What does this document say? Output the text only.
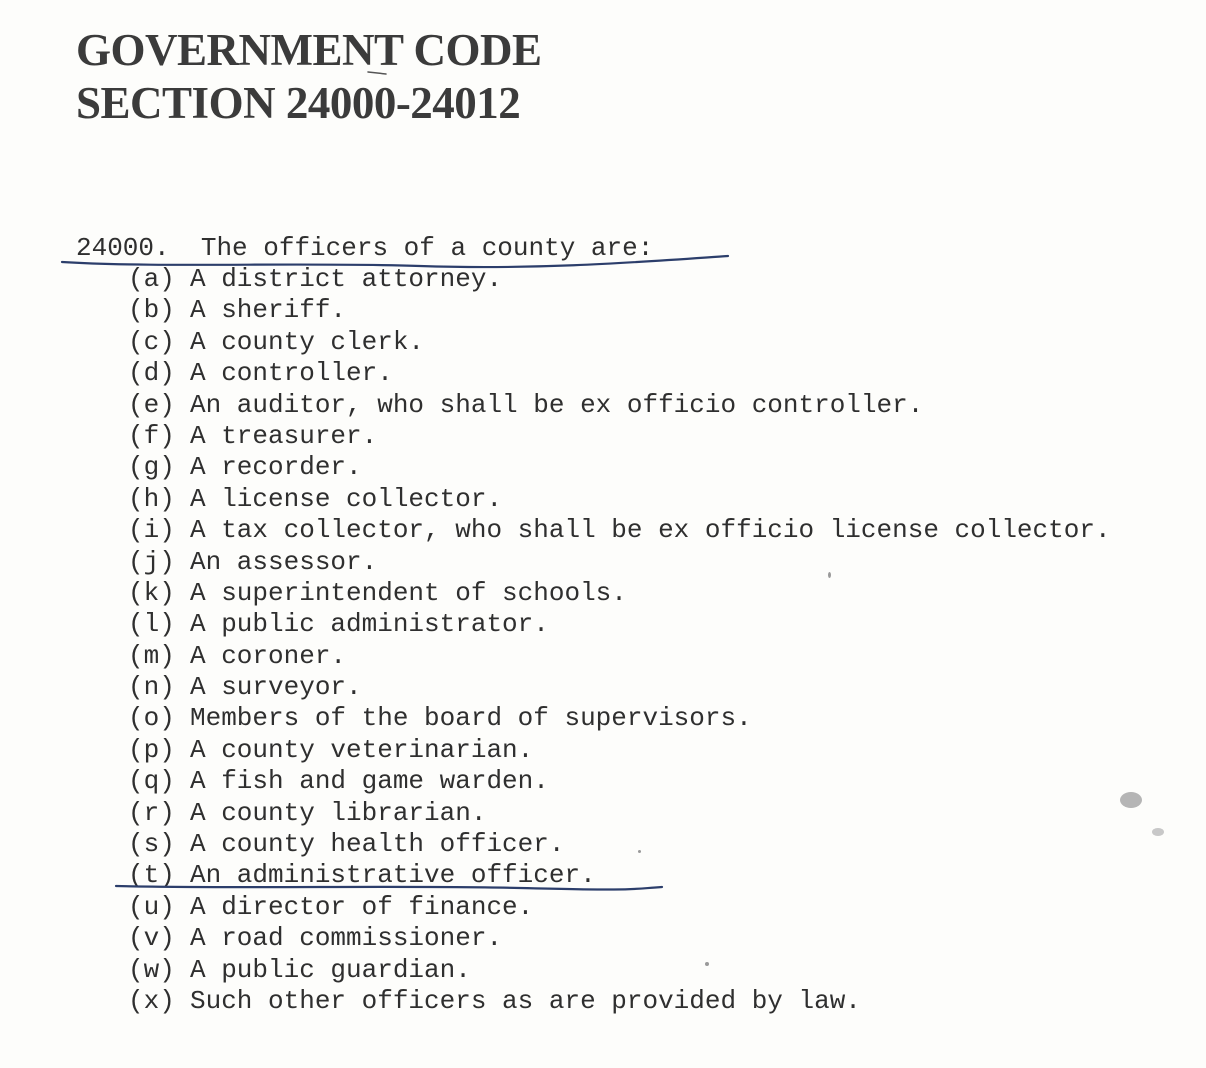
GOVERNMENT CODE
SECTION 24000-24012
24000. The officers of a county are:
(a) A district attorney.
(b) A sheriff.
(c) A county clerk.
(d) A controller.
(e) An auditor, who shall be ex officio controller.
(f) A treasurer.
(g) A recorder.
(h) A license collector.
(i) A tax collector, who shall be ex officio license collector.
(j) An assessor.
(k) A superintendent of schools.
(l) A public administrator.
(m) A coroner.
(n) A surveyor.
(o) Members of the board of supervisors.
(p) A county veterinarian.
(q) A fish and game warden.
(r) A county librarian.
(s) A county health officer.
(t) An administrative officer.
(u) A director of finance.
(v) A road commissioner.
(w) A public guardian.
(x) Such other officers as are provided by law.
